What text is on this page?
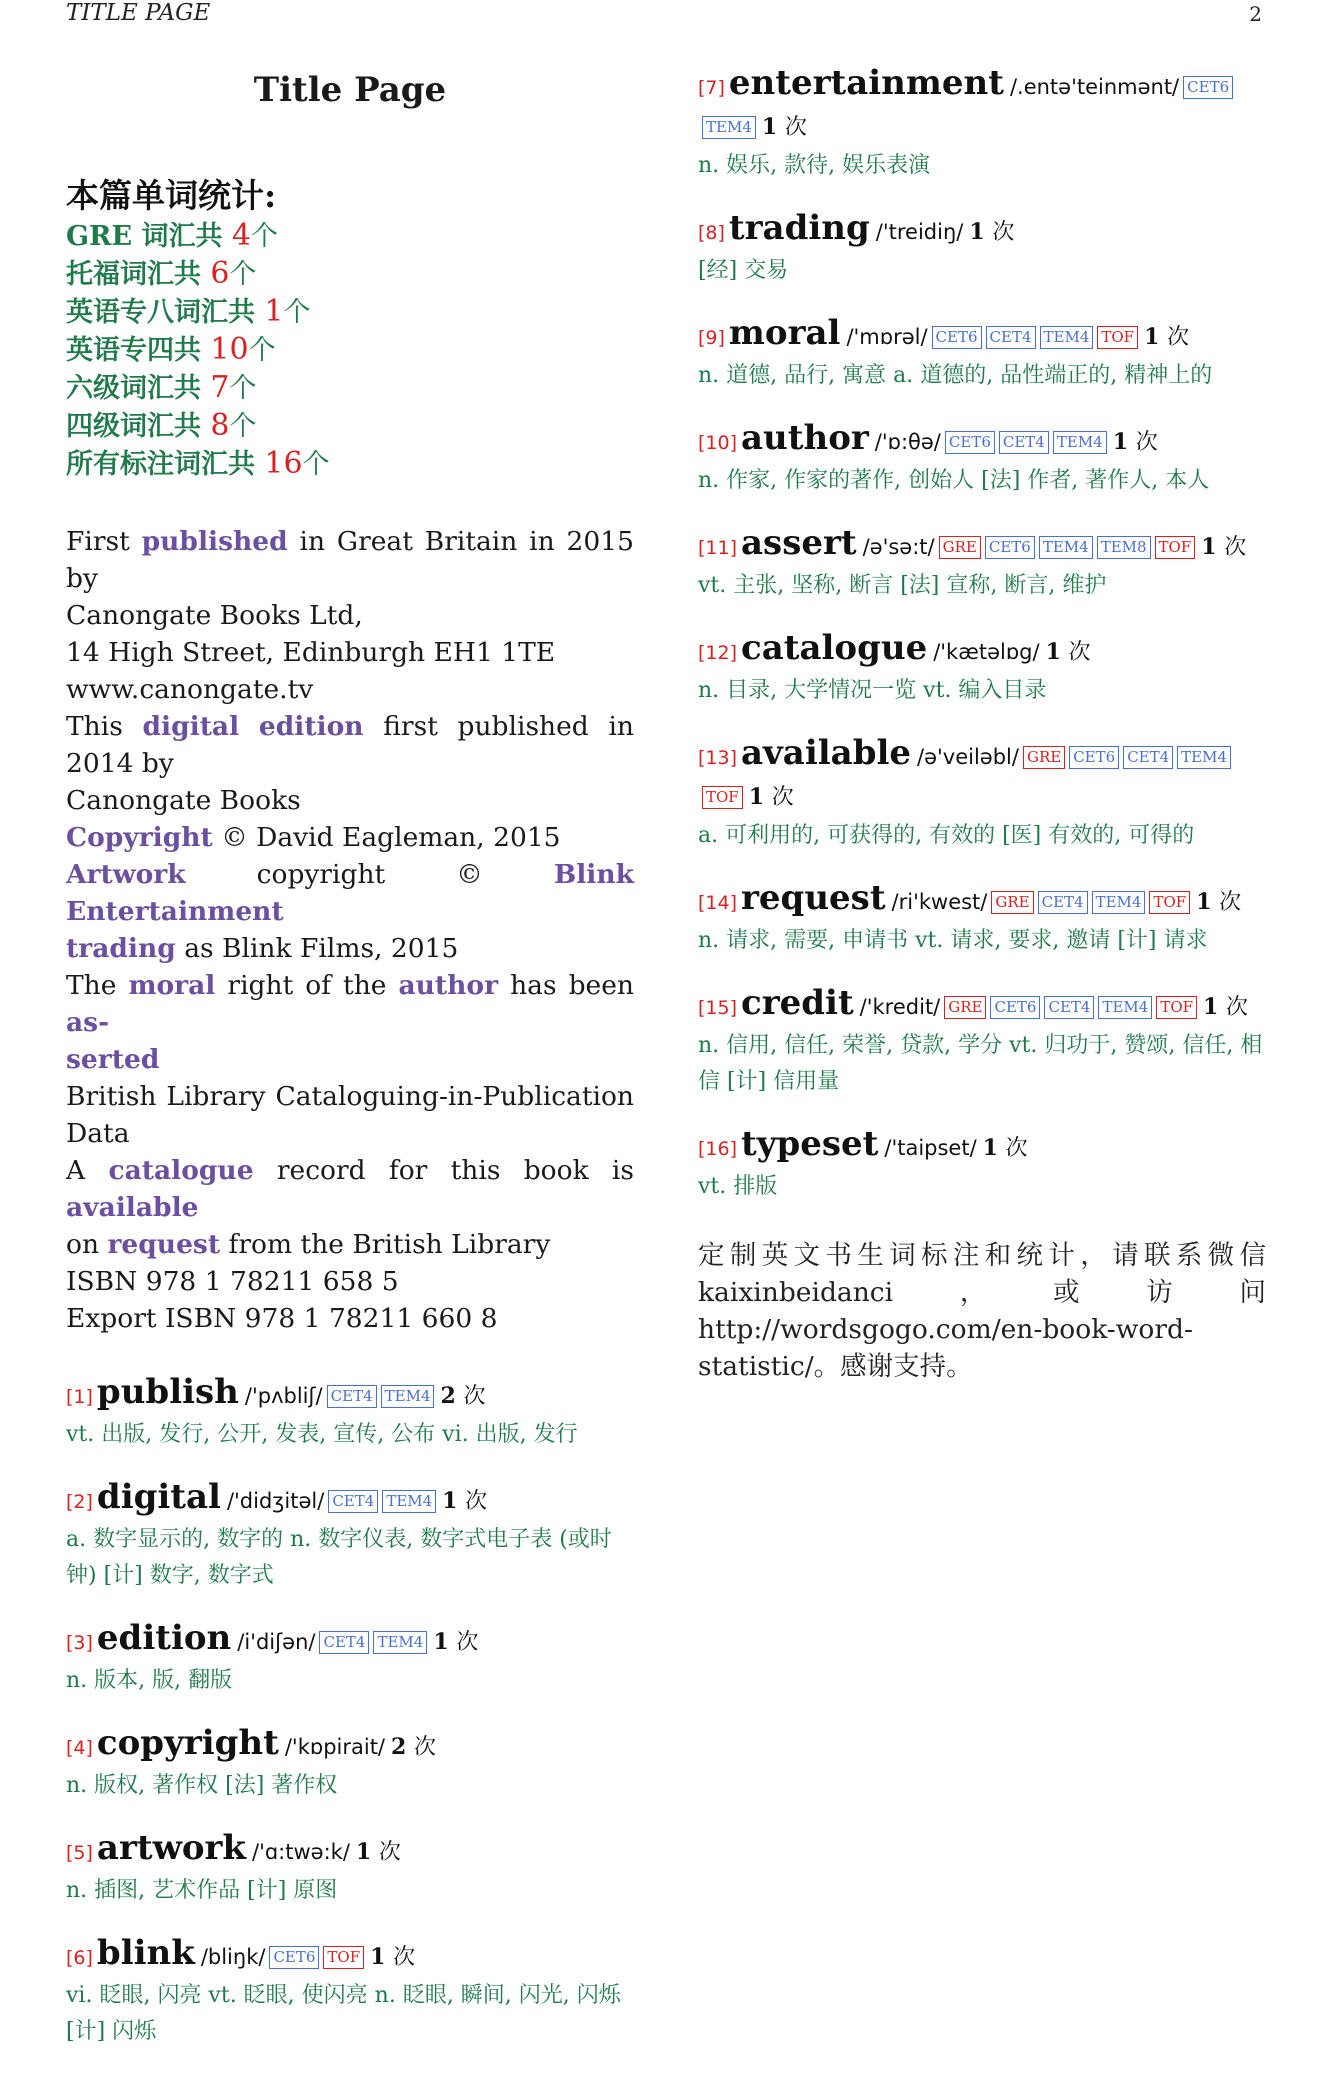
TITLE PAGE	2
Title Page
本篇单词统计:
GRE 词汇共 4个
托福词汇共 6个
英语专八词汇共 1个
英语专四共 10个
六级词汇共 7个
四级词汇共 8个
所有标注词汇共 16个
First published in Great Britain in 2015 by
Canongate Books Ltd,
14 High Street, Edinburgh EH1 1TE
www.canongate.tv
This digital edition first published in 2014 by
Canongate Books
Copyright © David Eagleman, 2015
Artwork copyright © Blink Entertainment
trading as Blink Films, 2015
The moral right of the author has been as-
serted
British Library Cataloguing-in-Publication Data
A catalogue record for this book is available
on request from the British Library
ISBN 978 1 78211 658 5
Export ISBN 978 1 78211 660 8
[1] publish /'pʌbliʃ/ CET4 TEM4 2 次
vt. 出版, 发行, 公开, 发表, 宣传, 公布 vi. 出版, 发行
[2] digital /'didʒitəl/ CET4 TEM4 1 次
a. 数字显示的, 数字的 n. 数字仪表, 数字式电子表 (或时钟) [计] 数字, 数字式
[3] edition /i'diʃən/ CET4 TEM4 1 次
n. 版本, 版, 翻版
[4] copyright /'kɒpirait/ 2 次
n. 版权, 著作权 [法] 著作权
[5] artwork /'ɑ:twə:k/ 1 次
n. 插图, 艺术作品 [计] 原图
[6] blink /bliŋk/ CET6 TOF 1 次
vi. 眨眼, 闪亮 vt. 眨眼, 使闪亮 n. 眨眼, 瞬间, 闪光, 闪烁 [计] 闪烁
[7] entertainment /.entə'teinmənt/ CET6TEM4 1 次
n. 娱乐, 款待, 娱乐表演
[8] trading /'treidiŋ/ 1 次
[经] 交易
[9] moral /'mɒrəl/ CET6 CET4 TEM4 TOF 1 次
n. 道德, 品行, 寓意 a. 道德的, 品性端正的, 精神上的
[10] author /'ɒ:θə/ CET6 CET4 TEM4 1 次
n. 作家, 作家的著作, 创始人 [法] 作者, 著作人, 本人
[11] assert /ə'sə:t/ GRE CET6 TEM4 TEM8 TOF 1 次
vt. 主张, 坚称, 断言 [法] 宣称, 断言, 维护
[12] catalogue /'kætəlɒg/ 1 次
n. 目录, 大学情况一览 vt. 编入目录
[13] available /ə'veiləbl/ GRE CET6 CET4 TEM4TOF 1 次
a. 可利用的, 可获得的, 有效的 [医] 有效的, 可得的
[14] request /ri'kwest/ GRE CET4 TEM4 TOF 1 次
n. 请求, 需要, 申请书 vt. 请求, 要求, 邀请 [计] 请求
[15] credit /'kredit/ GRE CET6 CET4 TEM4 TOF 1 次
n. 信用, 信任, 荣誉, 贷款, 学分 vt. 归功于, 赞颂, 信任, 相信 [计] 信用量
[16] typeset /'taipset/ 1 次
vt. 排版
定制英文书生词标注和统计，请联系微信 kaixinbeidanci，或访问 http://wordsgogo.com/en-book-word-statistic/。感谢支持。
